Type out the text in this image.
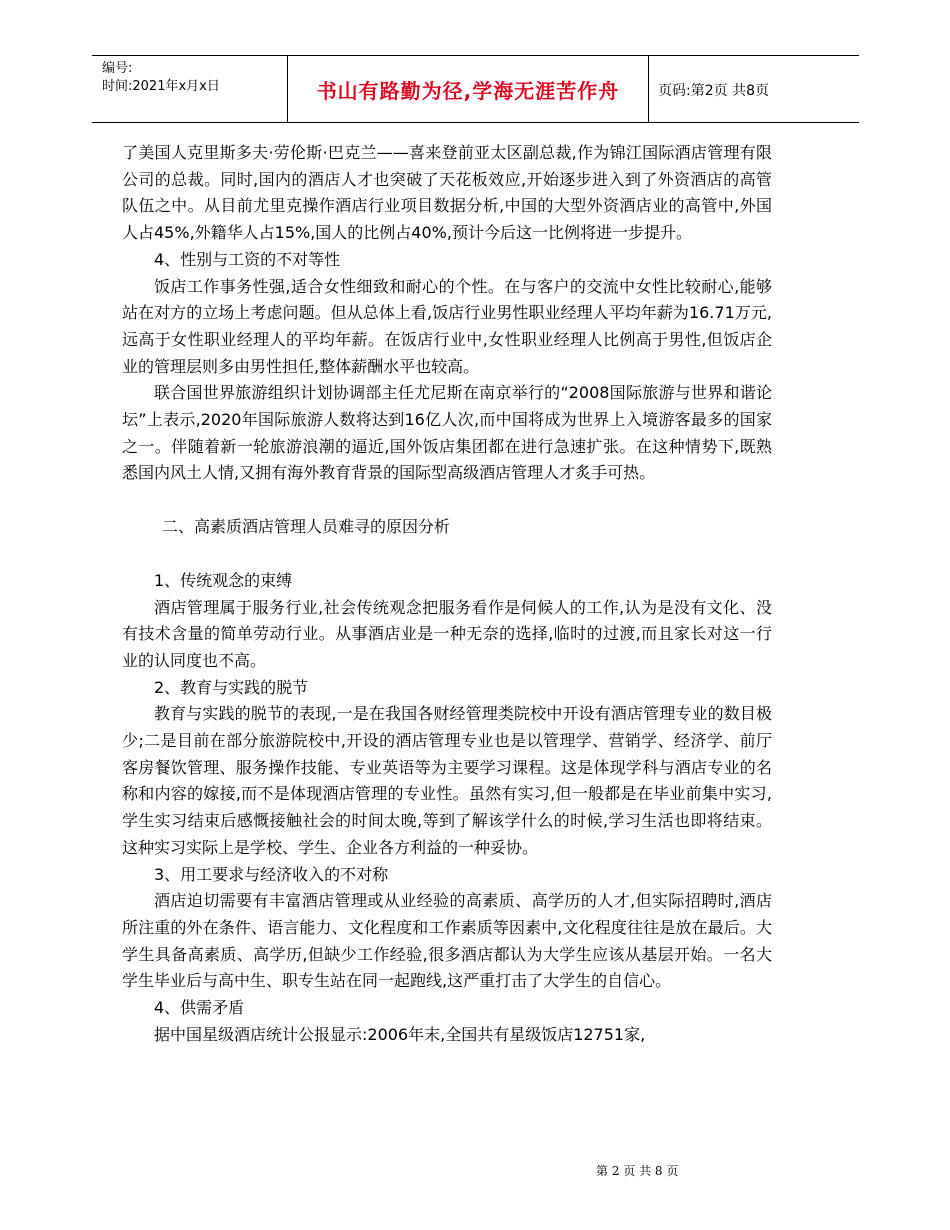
编号:
时间:2021年x月x日	书山有路勤为径,学海无涯苦作舟	页码:第2页 共8页

了美国人克里斯多夫·劳伦斯·巴克兰——喜来登前亚太区副总裁,作为锦江国际酒店管理有限公司的总裁。同时,国内的酒店人才也突破了天花板效应,开始逐步进入到了外资酒店的高管队伍之中。从目前尤里克操作酒店行业项目数据分析,中国的大型外资酒店业的高管中,外国人占45%,外籍华人占15%,国人的比例占40%,预计今后这一比例将进一步提升。

4、性别与工资的不对等性

饭店工作事务性强,适合女性细致和耐心的个性。在与客户的交流中女性比较耐心,能够站在对方的立场上考虑问题。但从总体上看,饭店行业男性职业经理人平均年薪为16.71万元,远高于女性职业经理人的平均年薪。在饭店行业中,女性职业经理人比例高于男性,但饭店企业的管理层则多由男性担任,整体薪酬水平也较高。

联合国世界旅游组织计划协调部主任尤尼斯在南京举行的“2008国际旅游与世界和谐论坛”上表示,2020年国际旅游人数将达到16亿人次,而中国将成为世界上入境游客最多的国家之一。伴随着新一轮旅游浪潮的逼近,国外饭店集团都在进行急速扩张。在这种情势下,既熟悉国内风土人情,又拥有海外教育背景的国际型高级酒店管理人才炙手可热。

二、高素质酒店管理人员难寻的原因分析

1、传统观念的束缚

酒店管理属于服务行业,社会传统观念把服务看作是伺候人的工作,认为是没有文化、没有技术含量的简单劳动行业。从事酒店业是一种无奈的选择,临时的过渡,而且家长对这一行业的认同度也不高。

2、教育与实践的脱节

教育与实践的脱节的表现,一是在我国各财经管理类院校中开设有酒店管理专业的数目极少;二是目前在部分旅游院校中,开设的酒店管理专业也是以管理学、营销学、经济学、前厅客房餐饮管理、服务操作技能、专业英语等为主要学习课程。这是体现学科与酒店专业的名称和内容的嫁接,而不是体现酒店管理的专业性。虽然有实习,但一般都是在毕业前集中实习,学生实习结束后感慨接触社会的时间太晚,等到了解该学什么的时候,学习生活也即将结束。这种实习实际上是学校、学生、企业各方利益的一种妥协。

3、用工要求与经济收入的不对称

酒店迫切需要有丰富酒店管理或从业经验的高素质、高学历的人才,但实际招聘时,酒店所注重的外在条件、语言能力、文化程度和工作素质等因素中,文化程度往往是放在最后。大学生具备高素质、高学历,但缺少工作经验,很多酒店都认为大学生应该从基层开始。一名大学生毕业后与高中生、职专生站在同一起跑线,这严重打击了大学生的自信心。

4、供需矛盾

据中国星级酒店统计公报显示:2006年末,全国共有星级饭店12751家,

第 2 页 共 8 页
